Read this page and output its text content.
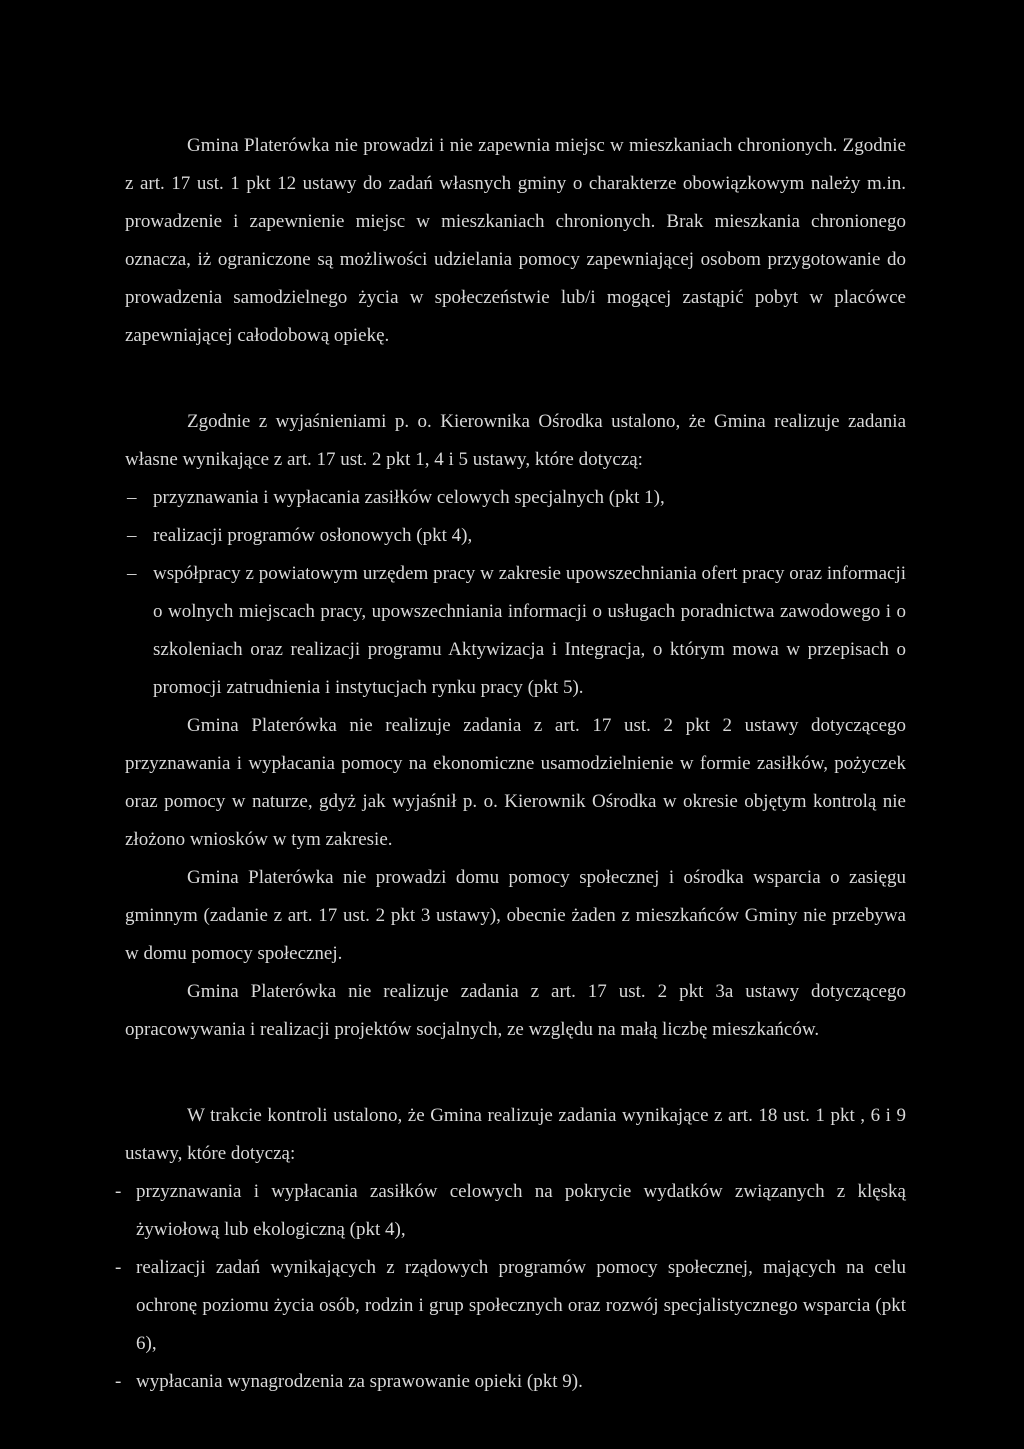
Gmina Platerówka nie prowadzi i nie zapewnia miejsc w mieszkaniach chronionych. Zgodnie z art. 17 ust. 1 pkt 12 ustawy do zadań własnych gminy o charakterze obowiązkowym należy m.in. prowadzenie i zapewnienie miejsc w mieszkaniach chronionych. Brak mieszkania chronionego oznacza, iż ograniczone są możliwości udzielania pomocy zapewniającej osobom przygotowanie do prowadzenia samodzielnego życia w społeczeństwie lub/i mogącej zastąpić pobyt w placówce zapewniającej całodobową opiekę.

Zgodnie z wyjaśnieniami p. o. Kierownika Ośrodka ustalono, że Gmina realizuje zadania własne wynikające z art. 17 ust. 2 pkt 1, 4 i 5 ustawy, które dotyczą:

– przyznawania i wypłacania zasiłków celowych specjalnych (pkt 1),
– realizacji programów osłonowych (pkt 4),
– współpracy z powiatowym urzędem pracy w zakresie upowszechniania ofert pracy oraz informacji o wolnych miejscach pracy, upowszechniania informacji o usługach poradnictwa zawodowego i o szkoleniach oraz realizacji programu Aktywizacja i Integracja, o którym mowa w przepisach o promocji zatrudnienia i instytucjach rynku pracy (pkt 5).

Gmina Platerówka nie realizuje zadania z art. 17 ust. 2 pkt 2 ustawy dotyczącego przyznawania i wypłacania pomocy na ekonomiczne usamodzielnienie w formie zasiłków, pożyczek oraz pomocy w naturze, gdyż jak wyjaśnił p. o. Kierownik Ośrodka w okresie objętym kontrolą nie złożono wniosków w tym zakresie.

Gmina Platerówka nie prowadzi domu pomocy społecznej i ośrodka wsparcia o zasięgu gminnym (zadanie z art. 17 ust. 2 pkt 3 ustawy), obecnie żaden z mieszkańców Gminy nie przebywa w domu pomocy społecznej.

Gmina Platerówka nie realizuje zadania z art. 17 ust. 2 pkt 3a ustawy dotyczącego opracowywania i realizacji projektów socjalnych, ze względu na małą liczbę mieszkańców.

W trakcie kontroli ustalono, że Gmina realizuje zadania wynikające z art. 18 ust. 1 pkt , 6 i 9 ustawy, które dotyczą:

- przyznawania i wypłacania zasiłków celowych na pokrycie wydatków związanych z klęską żywiołową lub ekologiczną (pkt 4),
- realizacji zadań wynikających z rządowych programów pomocy społecznej, mających na celu ochronę poziomu życia osób, rodzin i grup społecznych oraz rozwój specjalistycznego wsparcia (pkt 6),
- wypłacania wynagrodzenia za sprawowanie opieki (pkt 9).
